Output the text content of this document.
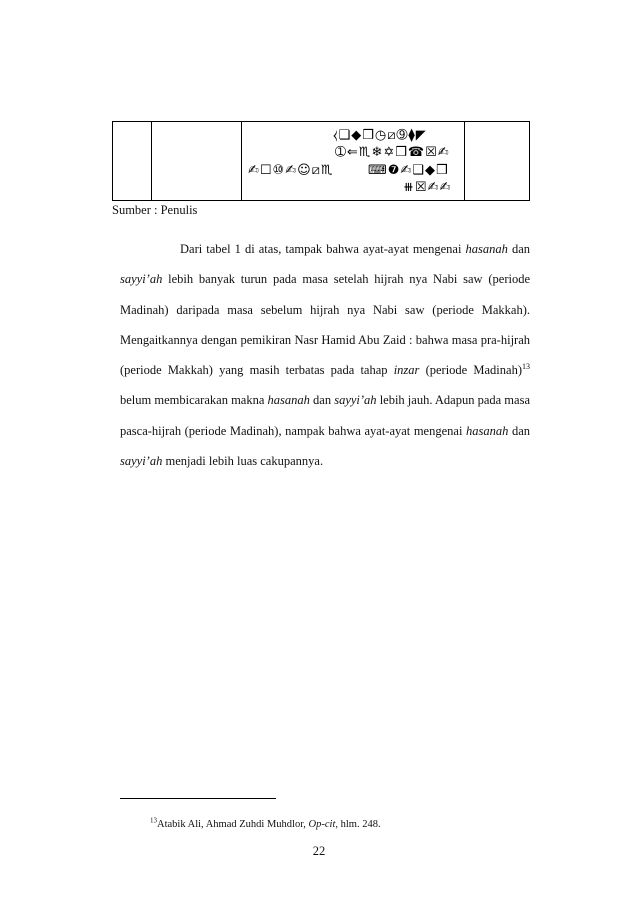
⧼❏◆❒◷⧄➈⧫◤
➀⇐♏❄✡❒☎☒✍
✍☐⑩✍☺⧄♏	⌨❼✍❑◆❒
⧻☒✍✍
Sumber : Penulis

Dari tabel 1 di atas, tampak bahwa ayat-ayat mengenai hasanah dan sayyi’ah lebih banyak turun pada masa setelah hijrah nya Nabi saw (periode Madinah) daripada masa sebelum hijrah nya Nabi saw (periode Makkah). Mengaitkannya dengan pemikiran Nasr Hamid Abu Zaid : bahwa masa pra-hijrah (periode Makkah) yang masih terbatas pada tahap inzar (periode Madinah)$^{13}$ belum membicarakan makna hasanah dan sayyi’ah lebih jauh. Adapun pada masa pasca-hijrah (periode Madinah), nampak bahwa ayat-ayat mengenai hasanah dan sayyi’ah menjadi lebih luas cakupannya.

$^{13}$Atabik Ali, Ahmad Zuhdi Muhdlor, Op-cit, hlm. 248.
22
